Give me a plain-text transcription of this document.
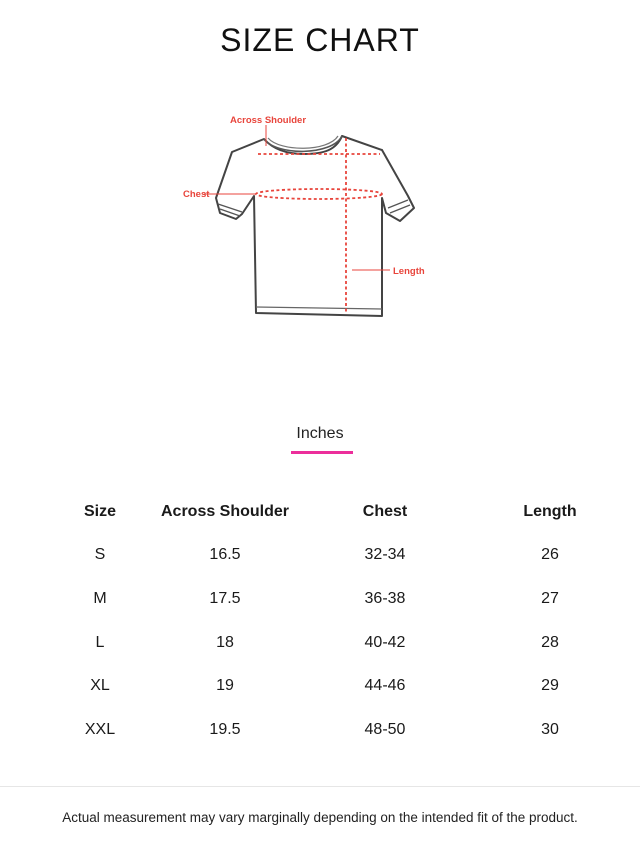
SIZE CHART
Across Shoulder
Chest
Length
Inches
Size	Across Shoulder	Chest	Length
S	16.5	32-34	26
M	17.5	36-38	27
L	18	40-42	28
XL	19	44-46	29
XXL	19.5	48-50	30
Actual measurement may vary marginally depending on the intended fit of the product.
